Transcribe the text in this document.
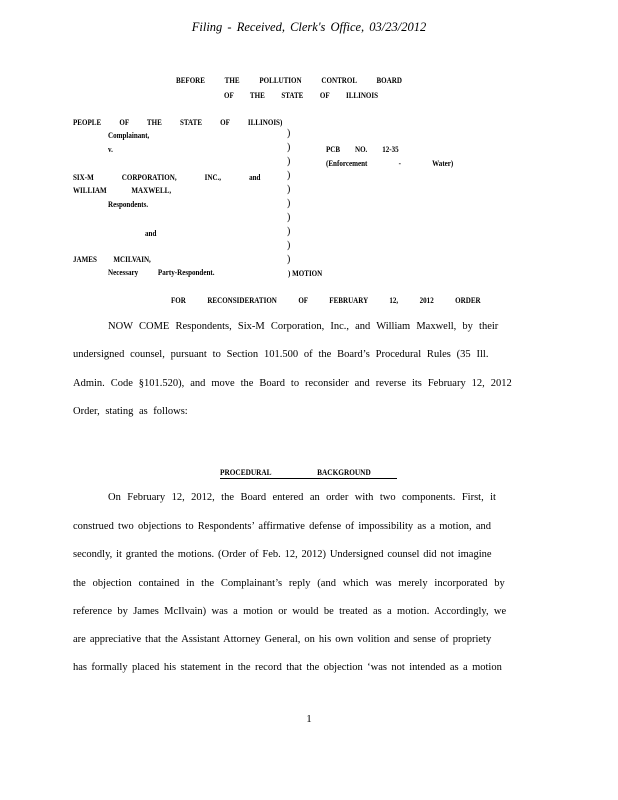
Filing - Received, Clerk's Office, 03/23/2012
BEFORE THE POLLUTION CONTROL BOARD
OF THE STATE OF ILLINOIS
PEOPLE OF THE STATE OF ILLINOIS)
Complainant,
v.
SIX-M CORPORATION, INC., and
WILLIAM MAXWELL,
Respondents.
and
JAMES MCILVAIN,
Necessary Party-Respondent.
)
)
)
)
)
)
)
)
)
)
) MOTION
PCB NO. 12-35
(Enforcement - Water)
FOR RECONSIDERATION OF FEBRUARY 12, 2012 ORDER
NOW COME Respondents, Six-M Corporation, Inc., and William Maxwell, by their
undersigned counsel, pursuant to Section 101.500 of the Board’s Procedural Rules (35 Ill.
Admin. Code §101.520), and move the Board to reconsider and reverse its February 12, 2012
Order, stating as follows:
PROCEDURAL BACKGROUND
On February 12, 2012, the Board entered an order with two components. First, it
construed two objections to Respondents’ affirmative defense of impossibility as a motion, and
secondly, it granted the motions. (Order of Feb. 12, 2012) Undersigned counsel did not imagine
the objection contained in the Complainant’s reply (and which was merely incorporated by
reference by James McIlvain) was a motion or would be treated as a motion. Accordingly, we
are appreciative that the Assistant Attorney General, on his own volition and sense of propriety
has formally placed his statement in the record that the objection ‘was not intended as a motion
1
